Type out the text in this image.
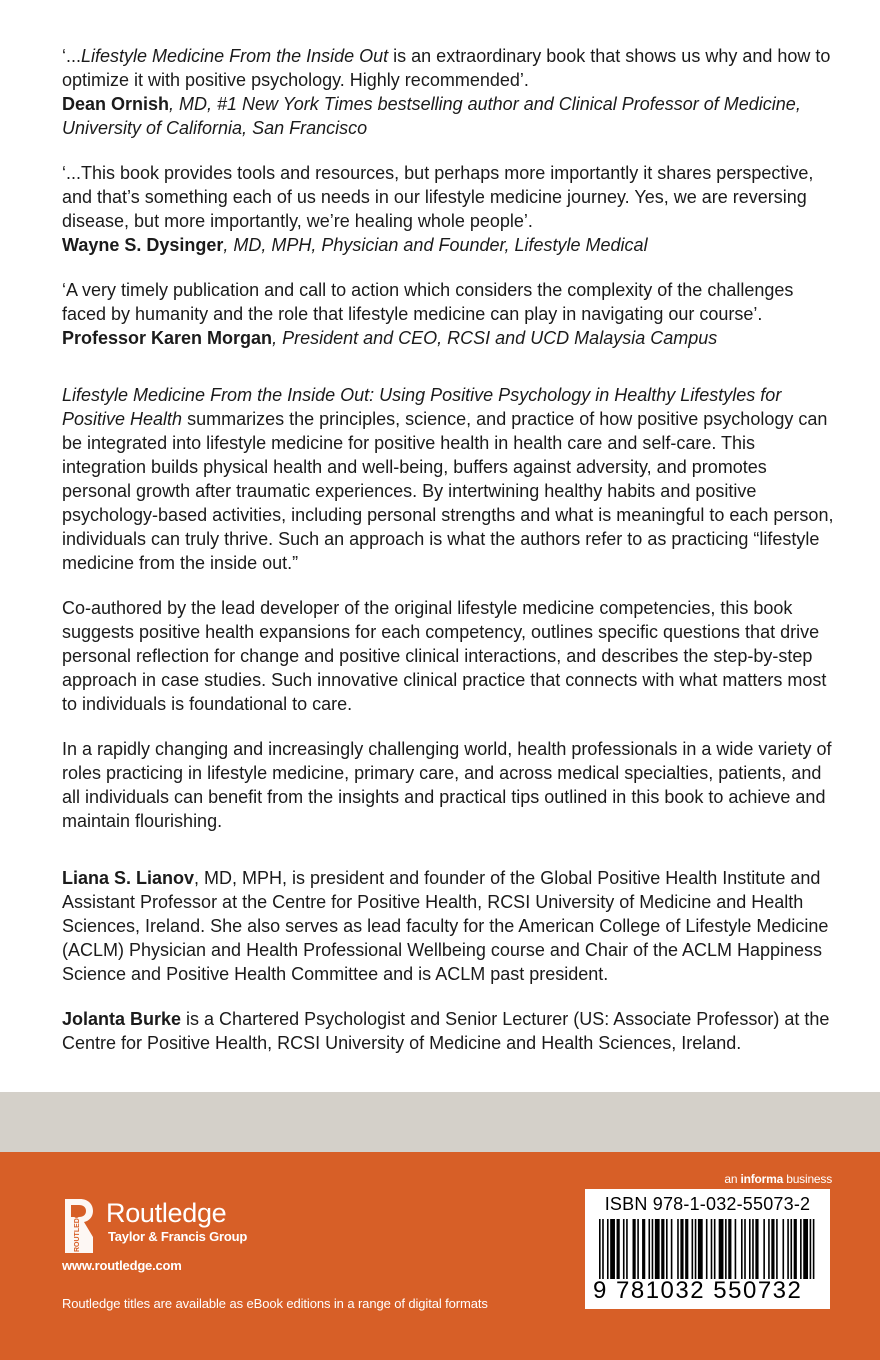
‘...Lifestyle Medicine From the Inside Out is an extraordinary book that shows us why and how to optimize it with positive psychology. Highly recommended’.

Dean Ornish, MD, #1 New York Times bestselling author and Clinical Professor of Medicine, University of California, San Francisco

‘...This book provides tools and resources, but perhaps more importantly it shares perspective, and that’s something each of us needs in our lifestyle medicine journey. Yes, we are reversing disease, but more importantly, we’re healing whole people’.

Wayne S. Dysinger, MD, MPH, Physician and Founder, Lifestyle Medical

‘A very timely publication and call to action which considers the complexity of the challenges faced by humanity and the role that lifestyle medicine can play in navigating our course’.

Professor Karen Morgan, President and CEO, RCSI and UCD Malaysia Campus

Lifestyle Medicine From the Inside Out: Using Positive Psychology in Healthy Lifestyles for Positive Health summarizes the principles, science, and practice of how positive psychology can be integrated into lifestyle medicine for positive health in health care and self-care. This integration builds physical health and well-being, buffers against adversity, and promotes personal growth after traumatic experiences. By intertwining healthy habits and positive psychology-based activities, including personal strengths and what is meaningful to each person, individuals can truly thrive. Such an approach is what the authors refer to as practicing “lifestyle medicine from the inside out.”

Co-authored by the lead developer of the original lifestyle medicine competencies, this book suggests positive health expansions for each competency, outlines specific questions that drive personal reflection for change and positive clinical interactions, and describes the step-by-step approach in case studies. Such innovative clinical practice that connects with what matters most to individuals is foundational to care.

In a rapidly changing and increasingly challenging world, health professionals in a wide variety of roles practicing in lifestyle medicine, primary care, and across medical specialties, patients, and all individuals can benefit from the insights and practical tips outlined in this book to achieve and maintain flourishing.

Liana S. Lianov, MD, MPH, is president and founder of the Global Positive Health Institute and Assistant Professor at the Centre for Positive Health, RCSI University of Medicine and Health Sciences, Ireland. She also serves as lead faculty for the American College of Lifestyle Medicine (ACLM) Physician and Health Professional Wellbeing course and Chair of the ACLM Happiness Science and Positive Health Committee and is ACLM past president.

Jolanta Burke is a Chartered Psychologist and Senior Lecturer (US: Associate Professor) at the Centre for Positive Health, RCSI University of Medicine and Health Sciences, Ireland.

ROUTLEDGE Routledge
Taylor & Francis Group
www.routledge.com
Routledge titles are available as eBook editions in a range of digital formats
an informa business
ISBN 978-1-032-55073-2
9 781032 550732
